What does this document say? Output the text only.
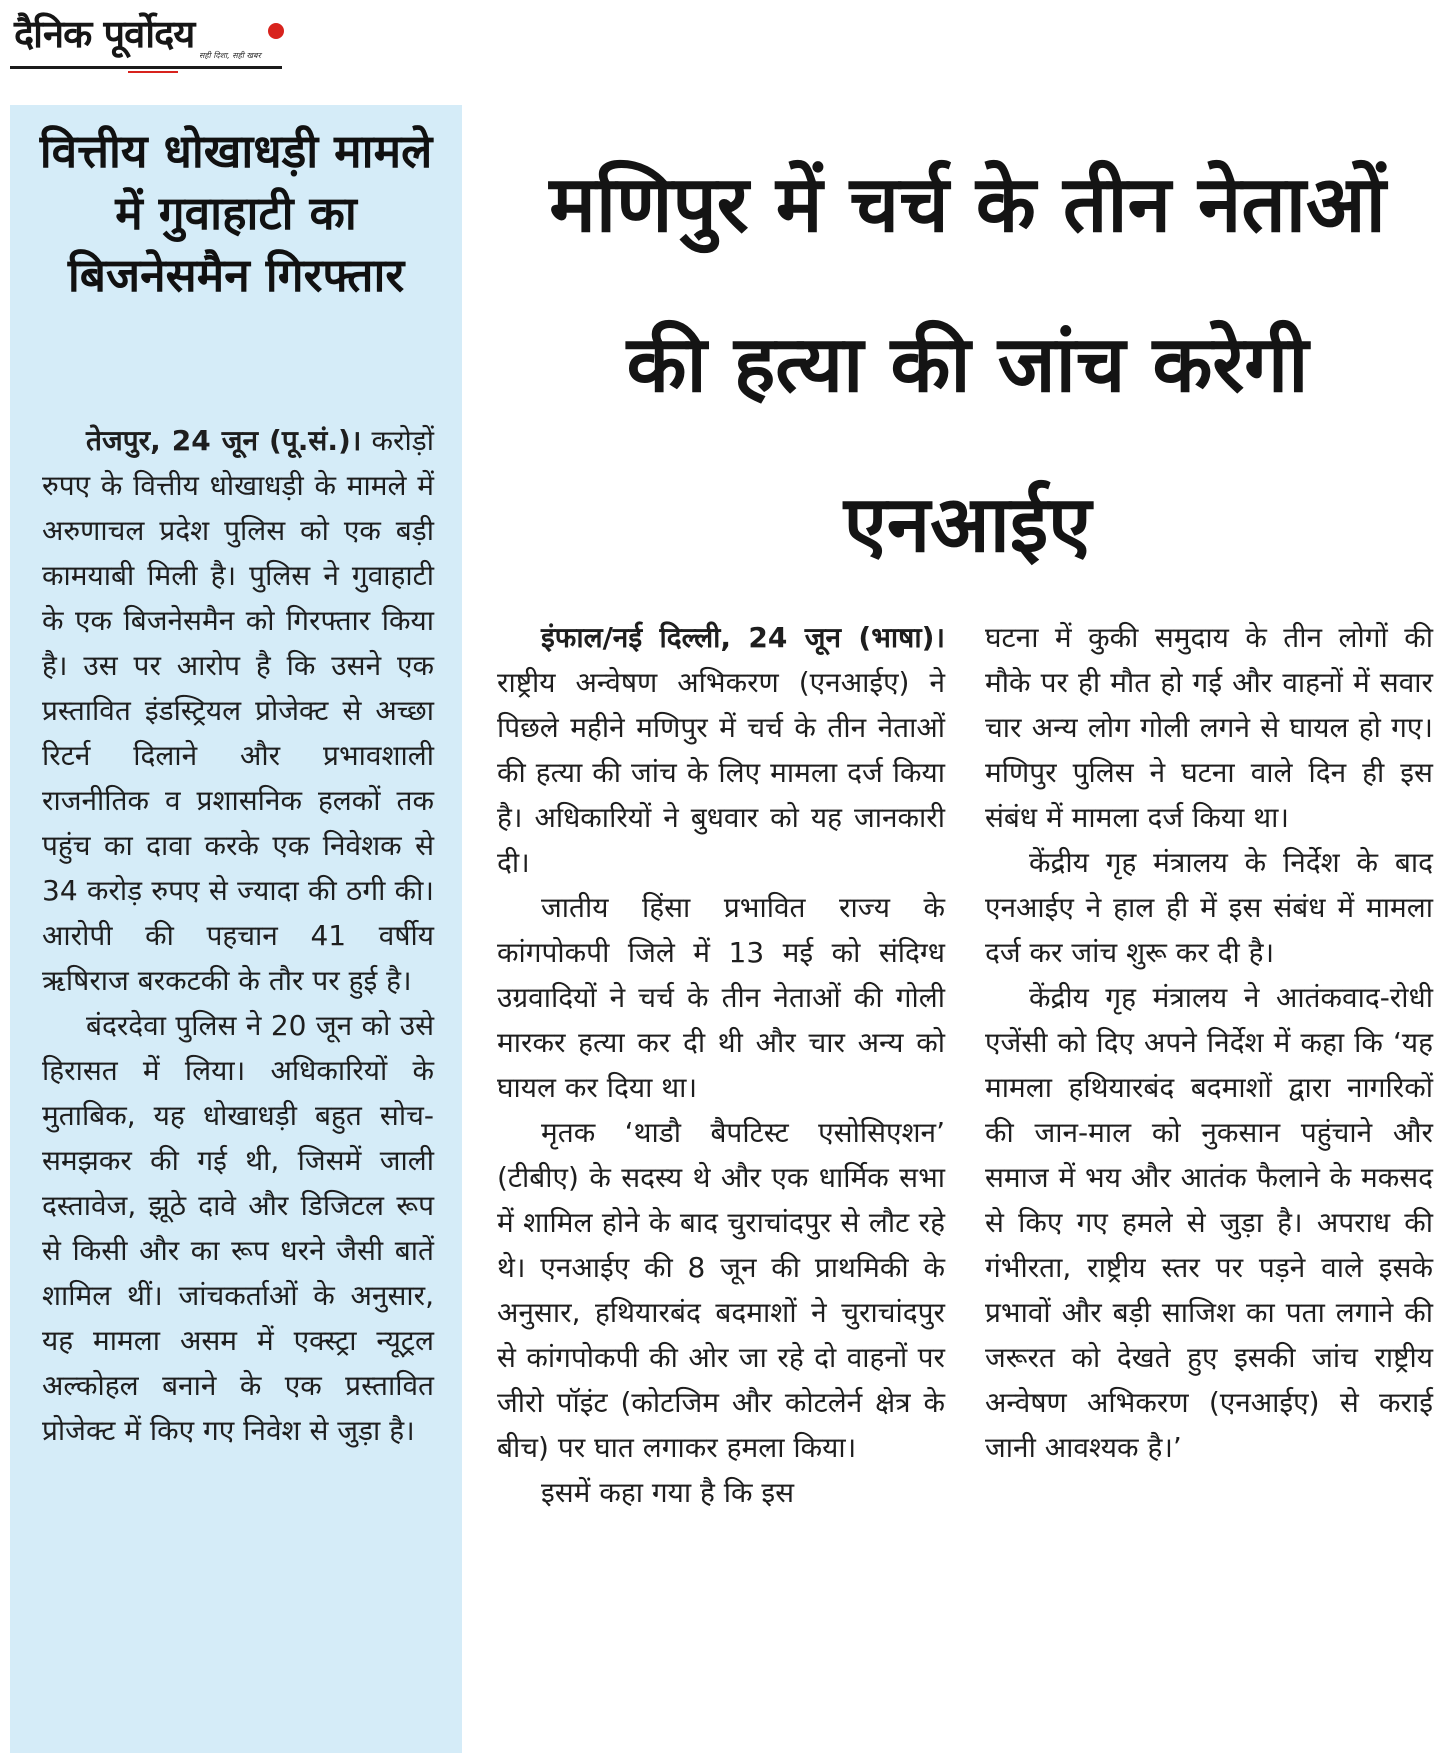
दैनिक पूर्वोदय सही दिशा, सही खबर
वित्तीय धोखाधड़ी मामले में गुवाहाटी का बिजनेसमैन गिरफ्तार

तेजपुर, 24 जून (पू.सं.)। करोड़ों रुपए के वित्तीय धोखाधड़ी के मामले में अरुणाचल प्रदेश पुलिस को एक बड़ी कामयाबी मिली है। पुलिस ने गुवाहाटी के एक बिजनेसमैन को गिरफ्तार किया है। उस पर आरोप है कि उसने एक प्रस्तावित इंडस्ट्रियल प्रोजेक्ट से अच्छा रिटर्न दिलाने और प्रभावशाली राजनीतिक व प्रशासनिक हलकों तक पहुंच का दावा करके एक निवेशक से 34 करोड़ रुपए से ज्यादा की ठगी की। आरोपी की पहचान 41 वर्षीय ऋषिराज बरकटकी के तौर पर हुई है।

बंदरदेवा पुलिस ने 20 जून को उसे हिरासत में लिया। अधिकारियों के मुताबिक, यह धोखाधड़ी बहुत सोच-समझकर की गई थी, जिसमें जाली दस्तावेज, झूठे दावे और डिजिटल रूप से किसी और का रूप धरने जैसी बातें शामिल थीं। जांचकर्ताओं के अनुसार, यह मामला असम में एक्स्ट्रा न्यूट्रल अल्कोहल बनाने के एक प्रस्तावित प्रोजेक्ट में किए गए निवेश से जुड़ा है।

मणिपुर में चर्च के तीन नेताओं की हत्या की जांच करेगी एनआईए

इंफाल/नई दिल्ली, 24 जून (भाषा)। राष्ट्रीय अन्वेषण अभिकरण (एनआईए) ने पिछले महीने मणिपुर में चर्च के तीन नेताओं की हत्या की जांच के लिए मामला दर्ज किया है। अधिकारियों ने बुधवार को यह जानकारी दी।

जातीय हिंसा प्रभावित राज्य के कांगपोकपी जिले में 13 मई को संदिग्ध उग्रवादियों ने चर्च के तीन नेताओं की गोली मारकर हत्या कर दी थी और चार अन्य को घायल कर दिया था।

मृतक ‘थाडौ बैपटिस्ट एसोसिएशन’ (टीबीए) के सदस्य थे और एक धार्मिक सभा में शामिल होने के बाद चुराचांदपुर से लौट रहे थे। एनआईए की 8 जून की प्राथमिकी के अनुसार, हथियारबंद बदमाशों ने चुराचांदपुर से कांगपोकपी की ओर जा रहे दो वाहनों पर जीरो पॉइंट (कोटजिम और कोटलेर्न क्षेत्र के बीच) पर घात लगाकर हमला किया।

इसमें कहा गया है कि इस

घटना में कुकी समुदाय के तीन लोगों की मौके पर ही मौत हो गई और वाहनों में सवार चार अन्य लोग गोली लगने से घायल हो गए। मणिपुर पुलिस ने घटना वाले दिन ही इस संबंध में मामला दर्ज किया था।

केंद्रीय गृह मंत्रालय के निर्देश के बाद एनआईए ने हाल ही में इस संबंध में मामला दर्ज कर जांच शुरू कर दी है।

केंद्रीय गृह मंत्रालय ने आतंकवाद-रोधी एजेंसी को दिए अपने निर्देश में कहा कि ‘यह मामला हथियारबंद बदमाशों द्वारा नागरिकों की जान-माल को नुकसान पहुंचाने और समाज में भय और आतंक फैलाने के मकसद से किए गए हमले से जुड़ा है। अपराध की गंभीरता, राष्ट्रीय स्तर पर पड़ने वाले इसके प्रभावों और बड़ी साजिश का पता लगाने की जरूरत को देखते हुए इसकी जांच राष्ट्रीय अन्वेषण अभिकरण (एनआईए) से कराई जानी आवश्यक है।’
